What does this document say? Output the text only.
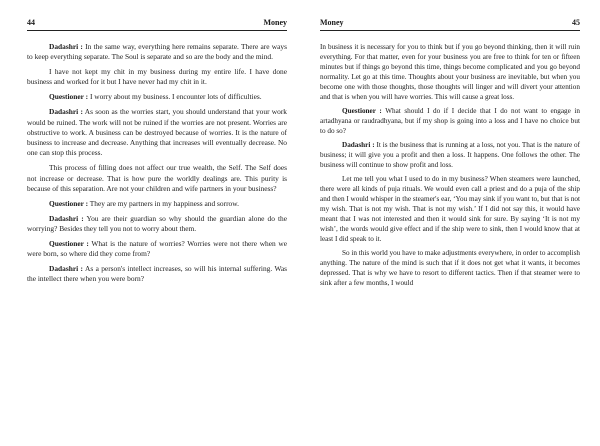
44	Money

Dadashri : In the same way, everything here remains separate. There are ways to keep everything separate. The Soul is separate and so are the body and the mind.

I have not kept my chit in my business during my entire life. I have done business and worked for it but I have never had my chit in it.

Questioner : I worry about my business. I encounter lots of difficulties.

Dadashri : As soon as the worries start, you should understand that your work would be ruined. The work will not be ruined if the worries are not present. Worries are obstructive to work. A business can be destroyed because of worries. It is the nature of business to increase and decrease. Anything that increases will eventually decrease. No one can stop this process.

This process of filling does not affect our true wealth, the Self. The Self does not increase or decrease. That is how pure the worldly dealings are. This purity is because of this separation. Are not your children and wife partners in your business?

Questioner : They are my partners in my happiness and sorrow.

Dadashri : You are their guardian so why should the guardian alone do the worrying? Besides they tell you not to worry about them.

Questioner : What is the nature of worries? Worries were not there when we were born, so where did they come from?

Dadashri : As a person's intellect increases, so will his internal suffering. Was the intellect there when you were born?

Money	45

In business it is necessary for you to think but if you go beyond thinking, then it will ruin everything. For that matter, even for your business you are free to think for ten or fifteen minutes but if things go beyond this time, things become complicated and you go beyond normality. Let go at this time. Thoughts about your business are inevitable, but when you become one with those thoughts, those thoughts will linger and will divert your attention and that is when you will have worries. This will cause a great loss.

Questioner : What should I do if I decide that I do not want to engage in artadhyana or raudradhyana, but if my shop is going into a loss and I have no choice but to do so?

Dadashri : It is the business that is running at a loss, not you. That is the nature of business; it will give you a profit and then a loss. It happens. One follows the other. The business will continue to show profit and loss.

Let me tell you what I used to do in my business? When steamers were launched, there were all kinds of puja rituals. We would even call a priest and do a puja of the ship and then I would whisper in the steamer's ear, ‘You may sink if you want to, but that is not my wish. That is not my wish. That is not my wish.’ If I did not say this, it would have meant that I was not interested and then it would sink for sure. By saying ‘It is not my wish’, the words would give effect and if the ship were to sink, then I would know that at least I did speak to it.

So in this world you have to make adjustments everywhere, in order to accomplish anything. The nature of the mind is such that if it does not get what it wants, it becomes depressed. That is why we have to resort to different tactics. Then if that steamer were to sink after a few months, I would
